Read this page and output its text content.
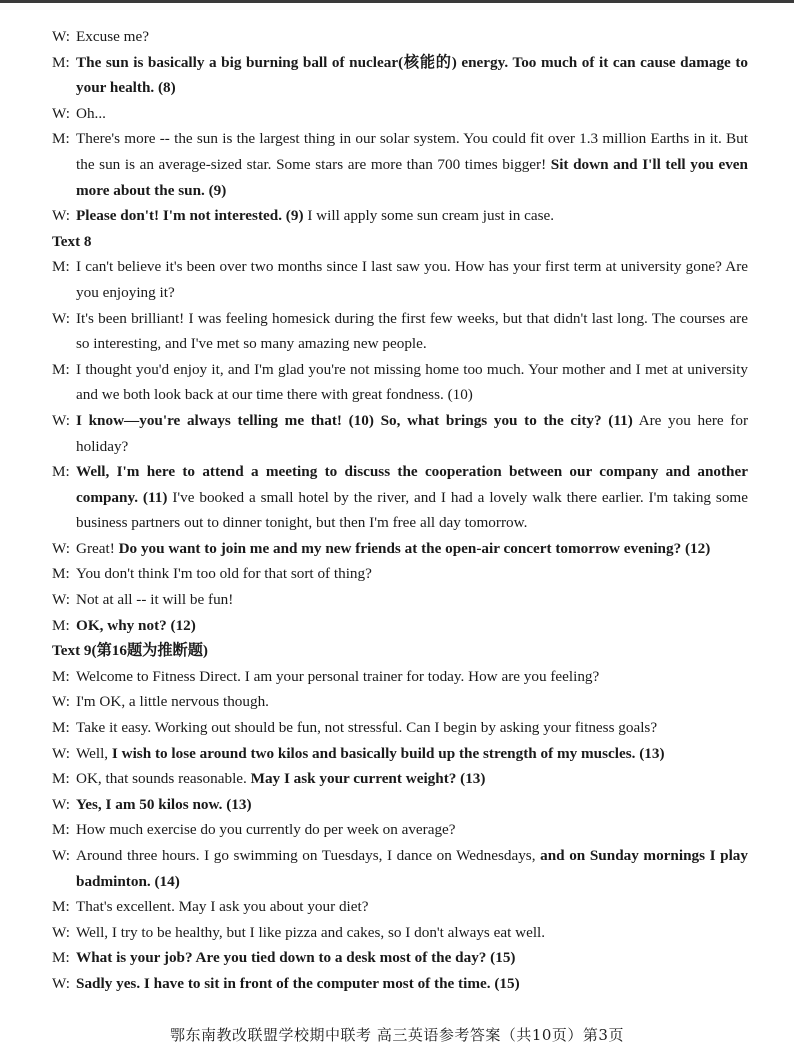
W: Excuse me?
M: The sun is basically a big burning ball of nuclear(核能的) energy. Too much of it can cause damage to your health. (8)
W: Oh...
M: There's more -- the sun is the largest thing in our solar system. You could fit over 1.3 million Earths in it. But the sun is an average-sized star. Some stars are more than 700 times bigger! Sit down and I'll tell you even more about the sun. (9)
W: Please don't! I'm not interested. (9) I will apply some sun cream just in case.
Text 8
M: I can't believe it's been over two months since I last saw you. How has your first term at university gone? Are you enjoying it?
W: It's been brilliant! I was feeling homesick during the first few weeks, but that didn't last long. The courses are so interesting, and I've met so many amazing new people.
M: I thought you'd enjoy it, and I'm glad you're not missing home too much. Your mother and I met at university and we both look back at our time there with great fondness. (10)
W: I know—you're always telling me that! (10) So, what brings you to the city? (11) Are you here for holiday?
M: Well, I'm here to attend a meeting to discuss the cooperation between our company and another company. (11) I've booked a small hotel by the river, and I had a lovely walk there earlier. I'm taking some business partners out to dinner tonight, but then I'm free all day tomorrow.
W: Great! Do you want to join me and my new friends at the open-air concert tomorrow evening? (12)
M: You don't think I'm too old for that sort of thing?
W: Not at all -- it will be fun!
M: OK, why not? (12)
Text 9(第16题为推断题)
M: Welcome to Fitness Direct. I am your personal trainer for today. How are you feeling?
W: I'm OK, a little nervous though.
M: Take it easy. Working out should be fun, not stressful. Can I begin by asking your fitness goals?
W: Well, I wish to lose around two kilos and basically build up the strength of my muscles. (13)
M: OK, that sounds reasonable. May I ask your current weight? (13)
W: Yes, I am 50 kilos now. (13)
M: How much exercise do you currently do per week on average?
W: Around three hours. I go swimming on Tuesdays, I dance on Wednesdays, and on Sunday mornings I play badminton. (14)
M: That's excellent. May I ask you about your diet?
W: Well, I try to be healthy, but I like pizza and cakes, so I don't always eat well.
M: What is your job? Are you tied down to a desk most of the day? (15)
W: Sadly yes. I have to sit in front of the computer most of the time. (15)
鄂东南教改联盟学校期中联考 高三英语参考答案（共10页）第3页
